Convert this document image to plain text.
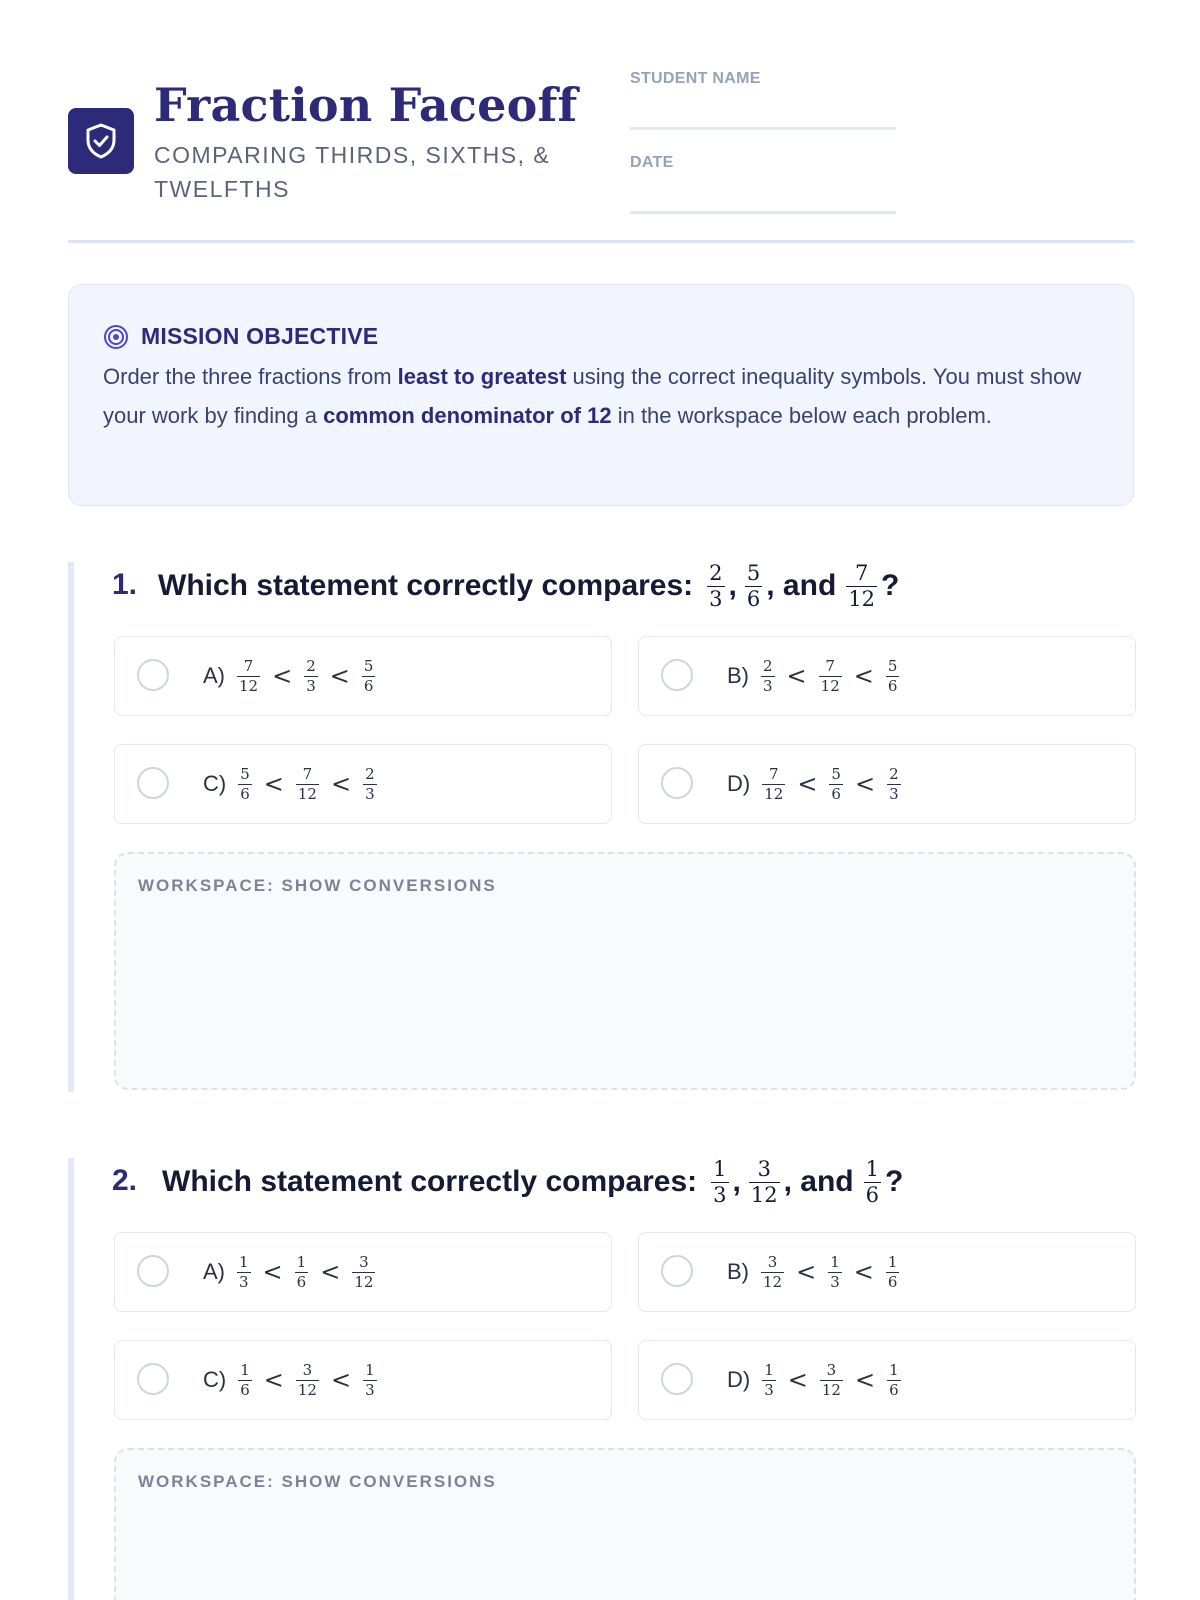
Fraction Faceoff
COMPARING THIRDS, SIXTHS, & TWELFTHS
STUDENT NAME
DATE
MISSION OBJECTIVE
Order the three fractions from least to greatest using the correct inequality symbols. You must show your work by finding a common denominator of 12 in the workspace below each problem.
1. Which statement correctly compares: $\frac{2}{3}$ , $\frac{5}{6}$ , and $\frac{7}{12}$ ?
$A) \frac{7}{12} < \frac{2}{3} < \frac{5}{6}$	$B) \frac{2}{3} < \frac{7}{12} < \frac{5}{6}$
$C) \frac{5}{6} < \frac{7}{12} < \frac{2}{3}$	$D) \frac{7}{12} < \frac{5}{6} < \frac{2}{3}$
WORKSPACE: SHOW CONVERSIONS
2. Which statement correctly compares: $\frac{1}{3}$ , $\frac{3}{12}$ , and $\frac{1}{6}$ ?
$A) \frac{1}{3} < \frac{1}{6} < \frac{3}{12}$	$B) \frac{3}{12} < \frac{1}{3} < \frac{1}{6}$
$C) \frac{1}{6} < \frac{3}{12} < \frac{1}{3}$	$D) \frac{1}{3} < \frac{3}{12} < \frac{1}{6}$
WORKSPACE: SHOW CONVERSIONS
